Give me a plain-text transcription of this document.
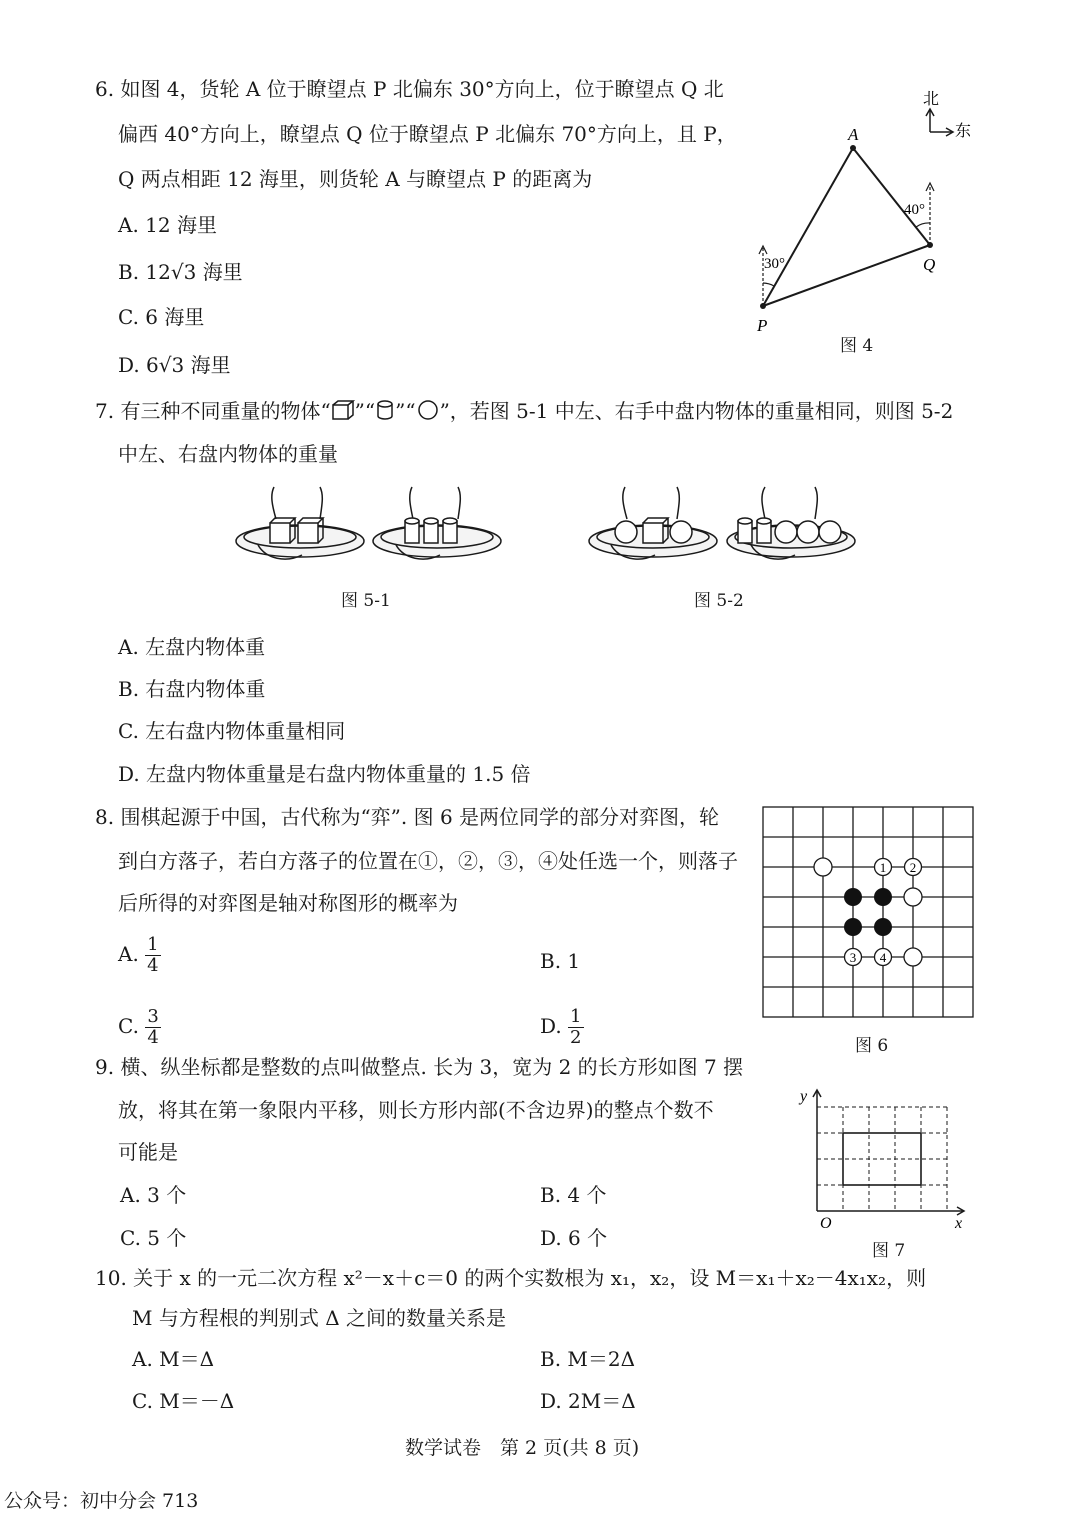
6. 如图 4，货轮 A 位于瞭望点 P 北偏东 30°方向上，位于瞭望点 Q 北
偏西 40°方向上，瞭望点 Q 位于瞭望点 P 北偏东 70°方向上，且 P，
Q 两点相距 12 海里，则货轮 A 与瞭望点 P 的距离为
A. 12 海里
B. 12√3 海里
C. 6 海里
D. 6√3 海里
北
东
30°
40°
A
P
Q
图 4
7. 有三种不同重量的物体“ ”“ ”“ ”，若图 5-1 中左、右手中盘内物体的重量相同，则图 5-2
中左、右盘内物体的重量
图 5-1	图 5-2
A. 左盘内物体重
B. 右盘内物体重
C. 左右盘内物体重量相同
D. 左盘内物体重量是右盘内物体重量的 1.5 倍
8. 围棋起源于中国，古代称为“弈”. 图 6 是两位同学的部分对弈图，轮
到白方落子，若白方落子的位置在①，②，③，④处任选一个，则落子
后所得的对弈图是轴对称图形的概率为
A. $\frac{1}{4}$	B. 1
C. $\frac{3}{4}$	D. $\frac{1}{2}$
1 2
3 4
图 6
9. 横、纵坐标都是整数的点叫做整点. 长为 3，宽为 2 的长方形如图 7 摆
放，将其在第一象限内平移，则长方形内部(不含边界)的整点个数不
可能是
A. 3 个	B. 4 个
C. 5 个	D. 6 个
y
x
O
图 7
10. 关于 x 的一元二次方程 x²－x＋c＝0 的两个实数根为 x₁，x₂，设 M＝x₁＋x₂－4x₁x₂，则
M 与方程根的判别式 Δ 之间的数量关系是
A. M＝Δ	B. M＝2Δ
C. M＝－Δ	D. 2M＝Δ
数学试卷　第 2 页(共 8 页)
公众号：初中分会 713
